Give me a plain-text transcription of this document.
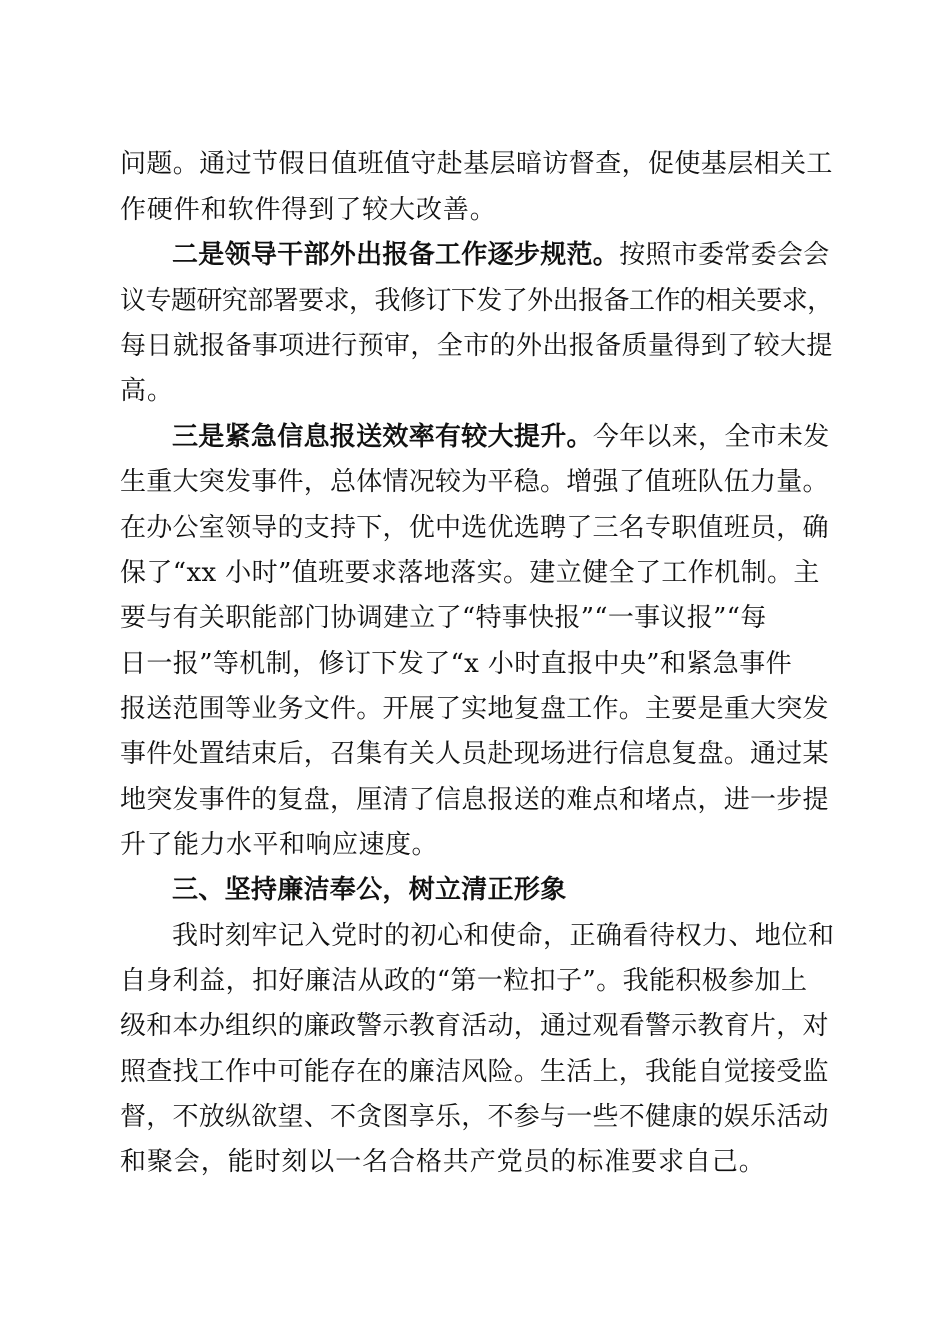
问题。通过节假日值班值守赴基层暗访督查，促使基层相关工
作硬件和软件得到了较大改善。
二是领导干部外出报备工作逐步规范。按照市委常委会会
议专题研究部署要求，我修订下发了外出报备工作的相关要求，
每日就报备事项进行预审，全市的外出报备质量得到了较大提
高。
三是紧急信息报送效率有较大提升。今年以来，全市未发
生重大突发事件，总体情况较为平稳。增强了值班队伍力量。
在办公室领导的支持下，优中选优选聘了三名专职值班员，确
保了“xx 小时”值班要求落地落实。建立健全了工作机制。主
要与有关职能部门协调建立了“特事快报”“一事议报”“每
日一报”等机制，修订下发了“x 小时直报中央”和紧急事件
报送范围等业务文件。开展了实地复盘工作。主要是重大突发
事件处置结束后，召集有关人员赴现场进行信息复盘。通过某
地突发事件的复盘，厘清了信息报送的难点和堵点，进一步提
升了能力水平和响应速度。
三、坚持廉洁奉公，树立清正形象
我时刻牢记入党时的初心和使命，正确看待权力、地位和
自身利益，扣好廉洁从政的“第一粒扣子”。我能积极参加上
级和本办组织的廉政警示教育活动，通过观看警示教育片，对
照查找工作中可能存在的廉洁风险。生活上，我能自觉接受监
督，不放纵欲望、不贪图享乐，不参与一些不健康的娱乐活动
和聚会，能时刻以一名合格共产党员的标准要求自己。
